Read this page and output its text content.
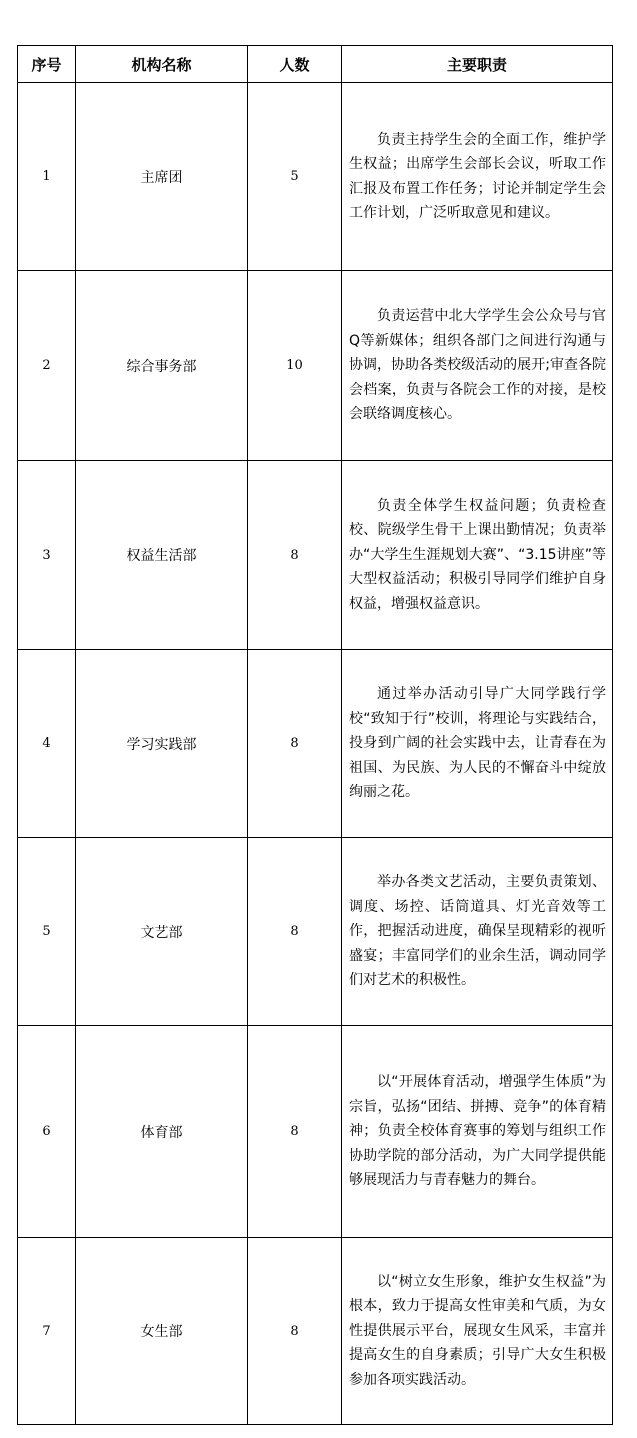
序号	机构名称	人数	主要职责
1	主席团	5	负责主持学生会的全面工作，维护学生权益；出席学生会部长会议，听取工作汇报及布置工作任务；讨论并制定学生会工作计划，广泛听取意见和建议。
2	综合事务部	10	负责运营中北大学学生会公众号与官Q等新媒体；组织各部门之间进行沟通与协调，协助各类校级活动的展开;审查各院会档案，负责与各院会工作的对接，是校会联络调度核心。
3	权益生活部	8	负责全体学生权益问题；负责检查校、院级学生骨干上课出勤情况；负责举办“大学生生涯规划大赛”、“3.15讲座”等大型权益活动；积极引导同学们维护自身权益，增强权益意识。
4	学习实践部	8	通过举办活动引导广大同学践行学校“致知于行”校训，将理论与实践结合，投身到广阔的社会实践中去，让青春在为祖国、为民族、为人民的不懈奋斗中绽放绚丽之花。
5	文艺部	8	举办各类文艺活动，主要负责策划、调度、场控、话筒道具、灯光音效等工作，把握活动进度，确保呈现精彩的视听盛宴；丰富同学们的业余生活，调动同学们对艺术的积极性。
6	体育部	8	以“开展体育活动，增强学生体质”为宗旨，弘扬“团结、拼搏、竞争”的体育精神；负责全校体育赛事的筹划与组织工作协助学院的部分活动，为广大同学提供能够展现活力与青春魅力的舞台。
7	女生部	8	以“树立女生形象，维护女生权益”为根本，致力于提高女性审美和气质，为女性提供展示平台，展现女生风采，丰富并提高女生的自身素质；引导广大女生积极参加各项实践活动。
